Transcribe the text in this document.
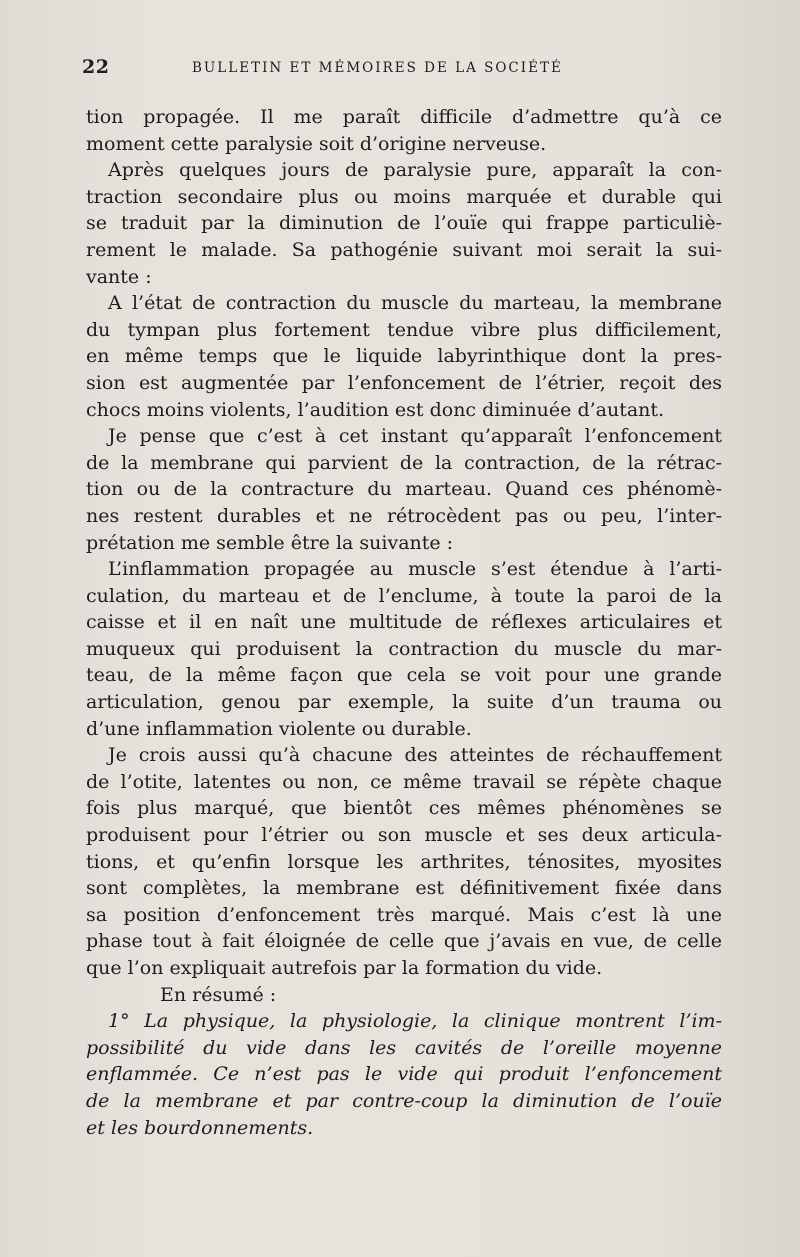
22	BULLETIN ET MÉMOIRES DE LA SOCIÉTÉ

tion propagée. Il me paraît difficile d’admettre qu’à ce

moment cette paralysie soit d’origine nerveuse.

Après quelques jours de paralysie pure, apparaît la con-

traction secondaire plus ou moins marquée et durable qui

se traduit par la diminution de l’ouïe qui frappe particuliè-

rement le malade. Sa pathogénie suivant moi serait la sui-

vante :

A l’état de contraction du muscle du marteau, la membrane

du tympan plus fortement tendue vibre plus difficilement,

en même temps que le liquide labyrinthique dont la pres-

sion est augmentée par l’enfoncement de l’étrier, reçoit des

chocs moins violents, l’audition est donc diminuée d’autant.

Je pense que c’est à cet instant qu’apparaît l’enfoncement

de la membrane qui parvient de la contraction, de la rétrac-

tion ou de la contracture du marteau. Quand ces phénomè-

nes restent durables et ne rétrocèdent pas ou peu, l’inter-

prétation me semble être la suivante :

L’inflammation propagée au muscle s’est étendue à l’arti-

culation, du marteau et de l’enclume, à toute la paroi de la

caisse et il en naît une multitude de réflexes articulaires et

muqueux qui produisent la contraction du muscle du mar-

teau, de la même façon que cela se voit pour une grande

articulation, genou par exemple, la suite d’un trauma ou

d’une inflammation violente ou durable.

Je crois aussi qu’à chacune des atteintes de réchauffement

de l’otite, latentes ou non, ce même travail se répète chaque

fois plus marqué, que bientôt ces mêmes phénomènes se

produisent pour l’étrier ou son muscle et ses deux articula-

tions, et qu’enfin lorsque les arthrites, ténosites, myosites

sont complètes, la membrane est définitivement fixée dans

sa position d’enfoncement très marqué. Mais c’est là une

phase tout à fait éloignée de celle que j’avais en vue, de celle

que l’on expliquait autrefois par la formation du vide.

En résumé :

1° La physique, la physiologie, la clinique montrent l’im-

possibilité du vide dans les cavités de l’oreille moyenne

enflammée. Ce n’est pas le vide qui produit l’enfoncement

de la membrane et par contre-coup la diminution de l’ouïe

et les bourdonnements.
